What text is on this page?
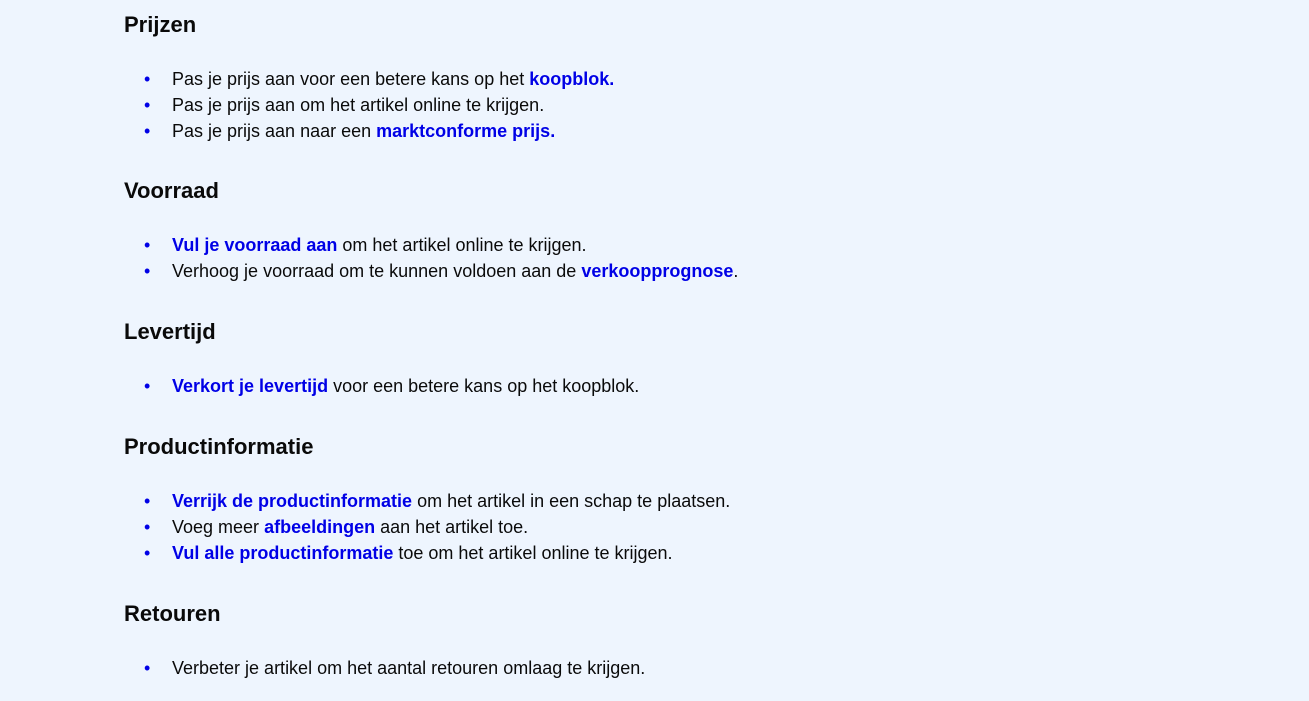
Prijzen
• Pas je prijs aan voor een betere kans op het koopblok.
• Pas je prijs aan om het artikel online te krijgen.
• Pas je prijs aan naar een marktconforme prijs.
Voorraad
• Vul je voorraad aan om het artikel online te krijgen.
• Verhoog je voorraad om te kunnen voldoen aan de verkoopprognose.
Levertijd
• Verkort je levertijd voor een betere kans op het koopblok.
Productinformatie
• Verrijk de productinformatie om het artikel in een schap te plaatsen.
• Voeg meer afbeeldingen aan het artikel toe.
• Vul alle productinformatie toe om het artikel online te krijgen.
Retouren
• Verbeter je artikel om het aantal retouren omlaag te krijgen.
